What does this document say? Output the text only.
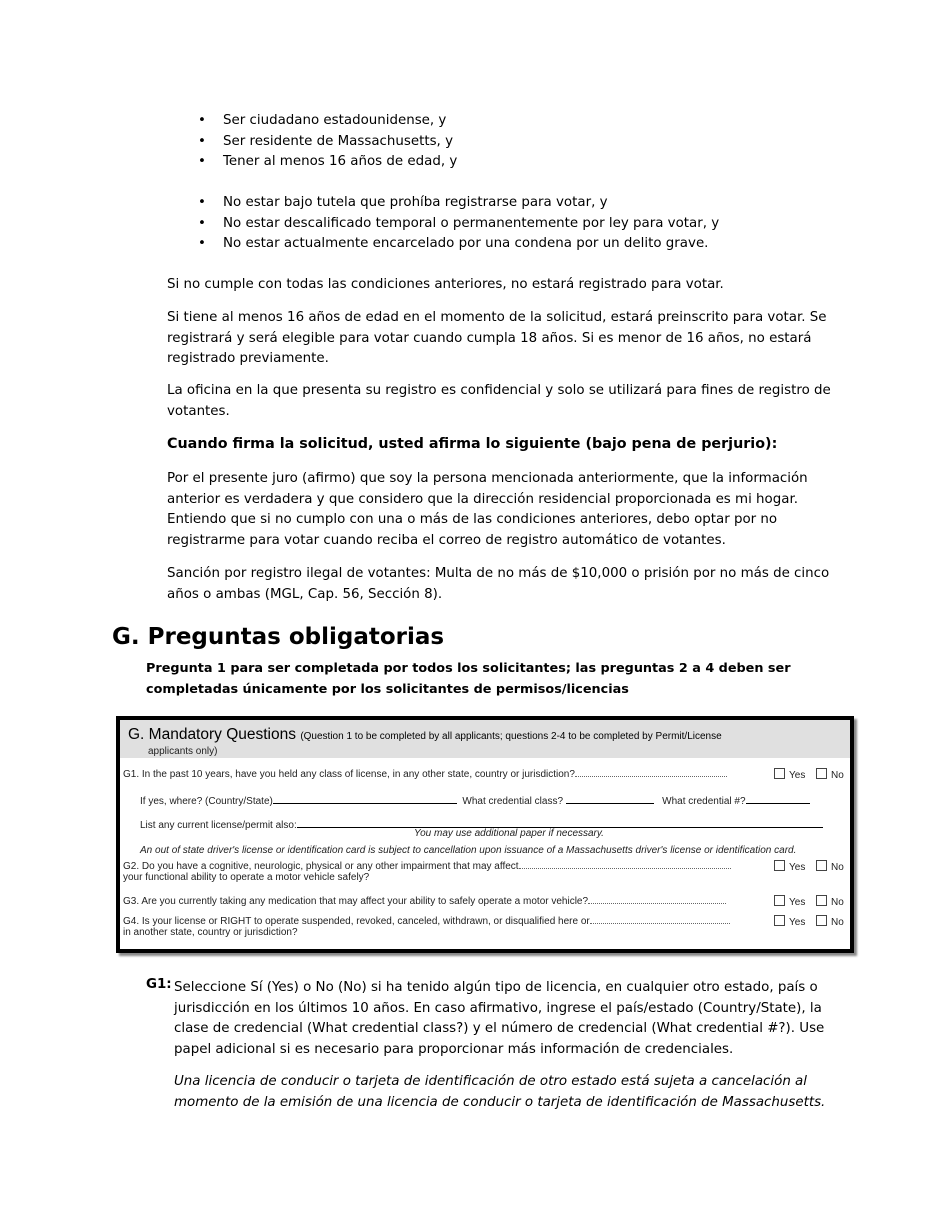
• Ser ciudadano estadounidense, y
• Ser residente de Massachusetts, y
• Tener al menos 16 años de edad, y
• No estar bajo tutela que prohíba registrarse para votar, y
• No estar descalificado temporal o permanentemente por ley para votar, y
• No estar actualmente encarcelado por una condena por un delito grave.

Si no cumple con todas las condiciones anteriores, no estará registrado para votar.

Si tiene al menos 16 años de edad en el momento de la solicitud, estará preinscrito para votar. Se registrará y será elegible para votar cuando cumpla 18 años. Si es menor de 16 años, no estará registrado previamente.

La oficina en la que presenta su registro es confidencial y solo se utilizará para fines de registro de votantes.

Cuando firma la solicitud, usted afirma lo siguiente (bajo pena de perjurio):

Por el presente juro (afirmo) que soy la persona mencionada anteriormente, que la información anterior es verdadera y que considero que la dirección residencial proporcionada es mi hogar. Entiendo que si no cumplo con una o más de las condiciones anteriores, debo optar por no registrarme para votar cuando reciba el correo de registro automático de votantes.

Sanción por registro ilegal de votantes: Multa de no más de $10,000 o prisión por no más de cinco años o ambas (MGL, Cap. 56, Sección 8).

G. Preguntas obligatorias

Pregunta 1 para ser completada por todos los solicitantes; las preguntas 2 a 4 deben ser completadas únicamente por los solicitantes de permisos/licencias

G. Mandatory Questions (Question 1 to be completed by all applicants; questions 2-4 to be completed by Permit/License
applicants only)
G1. In the past 10 years, have you held any class of license, in any other state, country or jurisdiction?	Yes	No
If yes, where? (Country/State)	What credential class?	What credential #?
List any current license/permit also:
You may use additional paper if necessary.
An out of state driver's license or identification card is subject to cancellation upon issuance of a Massachusetts driver's license or identification card.
G2. Do you have a cognitive, neurologic, physical or any other impairment that may affect
your functional ability to operate a motor vehicle safely?
Yes	No
G3. Are you currently taking any medication that may affect your ability to safely operate a motor vehicle?	Yes	No
G4. Is your license or RIGHT to operate suspended, revoked, canceled, withdrawn, or disqualified here or
in another state, country or jurisdiction?
Yes	No
G1: Seleccione Sí (Yes) o No (No) si ha tenido algún tipo de licencia, en cualquier otro estado, país o jurisdicción en los últimos 10 años. En caso afirmativo, ingrese el país/estado (Country/State), la clase de credencial (What credential class?) y el número de credencial (What credential #?). Use papel adicional si es necesario para proporcionar más información de credenciales.

Una licencia de conducir o tarjeta de identificación de otro estado está sujeta a cancelación al momento de la emisión de una licencia de conducir o tarjeta de identificación de Massachusetts.
